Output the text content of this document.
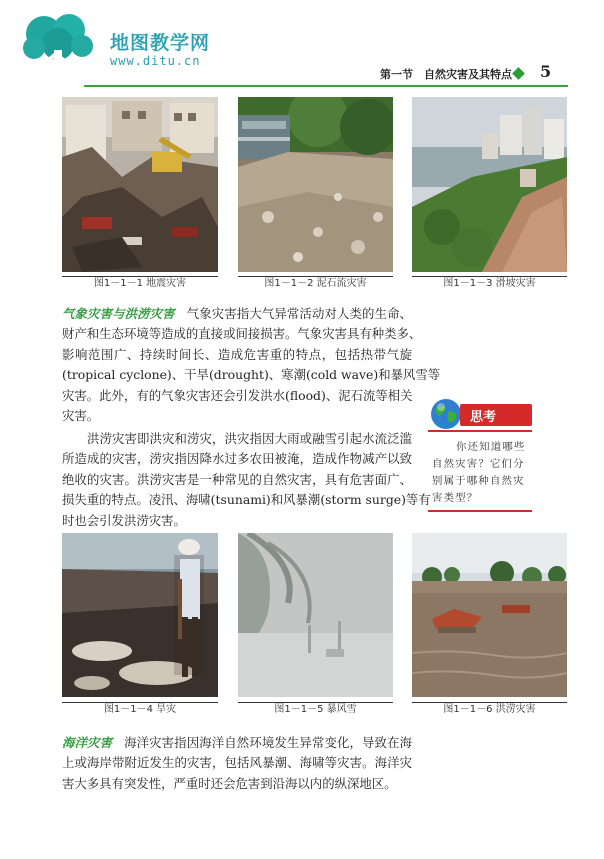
地图教学网
www.ditu.cn
第一节　自然灾害及其特点 5
图1－1－1 地震灾害	图1－1－2 泥石流灾害	图1－1－3 滑坡灾害
气象灾害与洪涝灾害 气象灾害指大气异常活动对人类的生命、
财产和生态环境等造成的直接或间接损害。气象灾害具有种类多、
影响范围广、持续时间长、造成危害重的特点，包括热带气旋
(tropical cyclone)、干旱(drought)、寒潮(cold wave)和暴风雪等
灾害。此外，有的气象灾害还会引发洪水(flood)、泥石流等相关
灾害。
洪涝灾害即洪灾和涝灾，洪灾指因大雨或融雪引起水流泛滥
所造成的灾害，涝灾指因降水过多农田被淹，造成作物减产以致
绝收的灾害。洪涝灾害是一种常见的自然灾害，具有危害面广、
损失重的特点。凌汛、海啸(tsunami)和风暴潮(storm surge)等有
时也会引发洪涝灾害。
思考
你还知道哪些
自然灾害？它们分
别属于哪种自然灾
害类型？
图1－1－4 旱灾	图1－1－5 暴风雪	图1－1－6 洪涝灾害
海洋灾害 海洋灾害指因海洋自然环境发生异常变化，导致在海
上或海岸带附近发生的灾害，包括风暴潮、海啸等灾害。海洋灾
害大多具有突发性，严重时还会危害到沿海以内的纵深地区。
